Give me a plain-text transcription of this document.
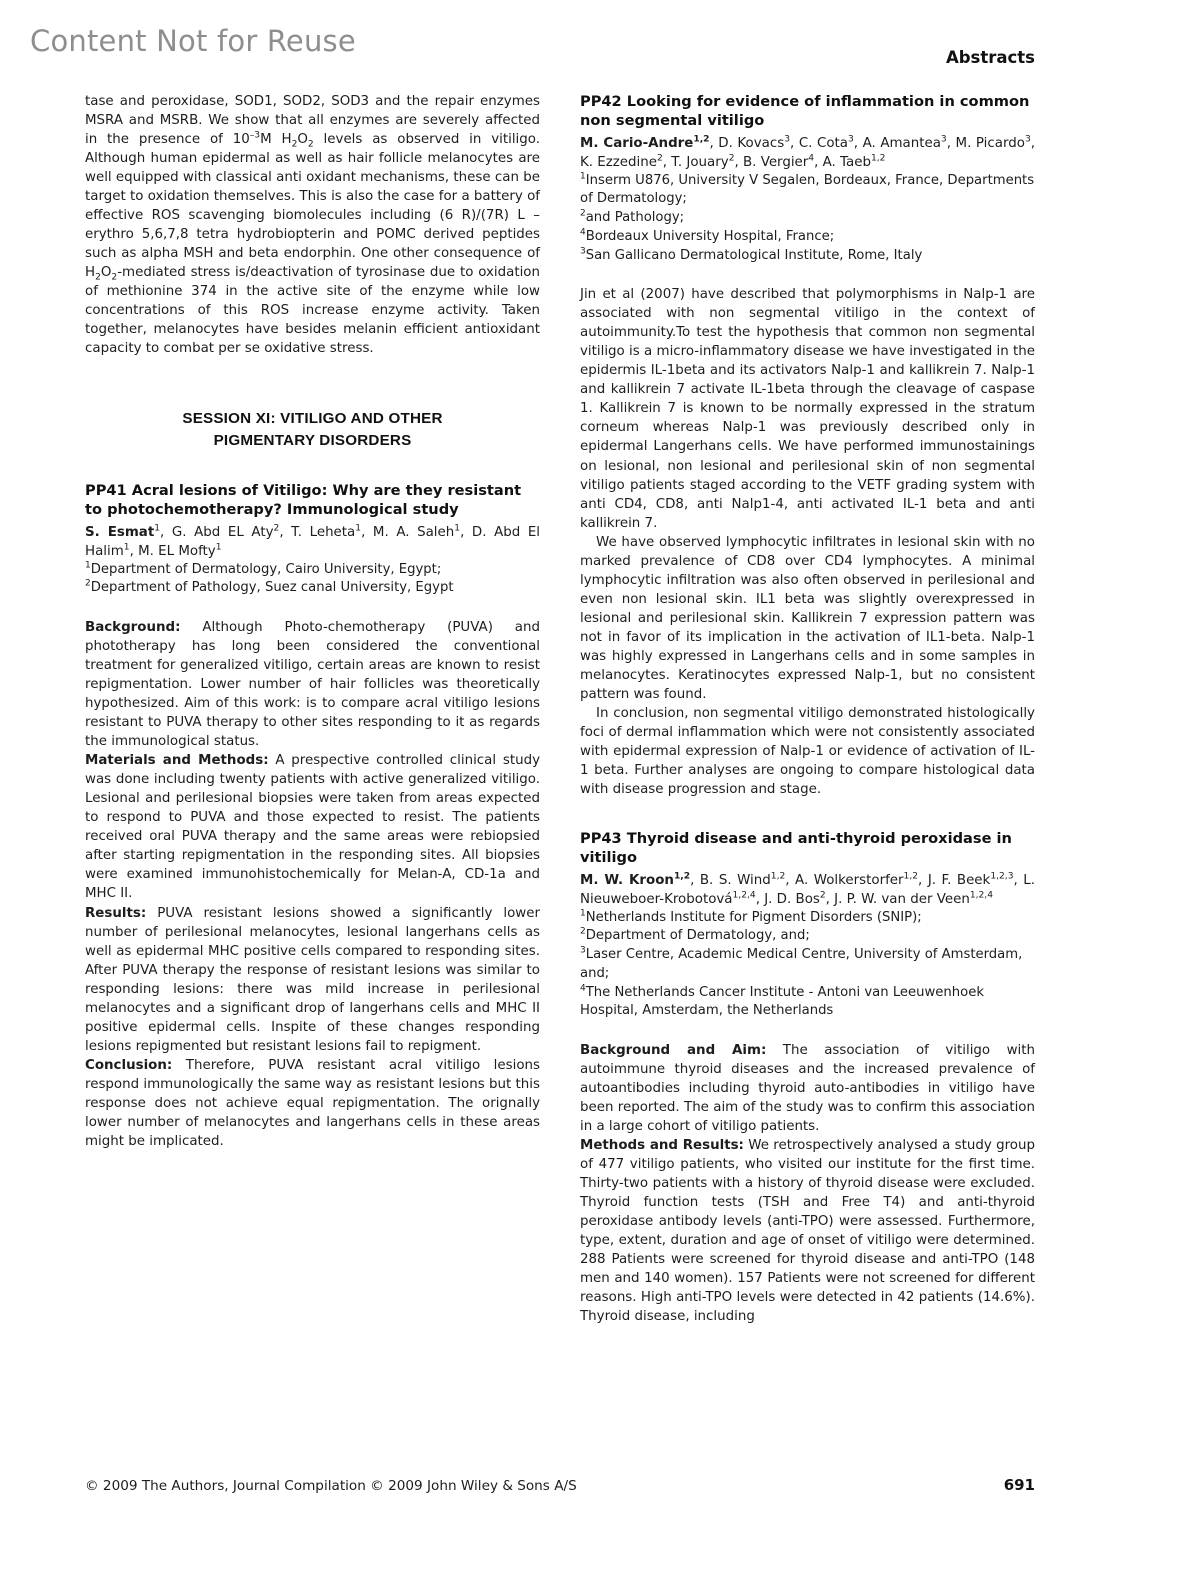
Content Not for Reuse	Abstracts

tase and peroxidase, SOD1, SOD2, SOD3 and the repair enzymes MSRA and MSRB. We show that all enzymes are severely affected in the presence of $10^{-3}M$ $H_2O_2$ levels as observed in vitiligo. Although human epidermal as well as hair follicle melanocytes are well equipped with classical anti oxidant mechanisms, these can be target to oxidation themselves. This is also the case for a battery of effective ROS scavenging biomolecules including (6 R)/(7R) L – erythro 5,6,7,8 tetra hydrobiopterin and POMC derived peptides such as alpha MSH and beta endorphin. One other consequence of $H_2O_2$-mediated stress is/deactivation of tyrosinase due to oxidation of methionine 374 in the active site of the enzyme while low concentrations of this ROS increase enzyme activity. Taken together, melanocytes have besides melanin efficient antioxidant capacity to combat per se oxidative stress.

SESSION XI: VITILIGO AND OTHER
PIGMENTARY DISORDERS
PP41 Acral lesions of Vitiligo: Why are they resistant to photochemotherapy? Immunological study
S. Esmat$^1$, G. Abd EL Aty$^2$, T. Leheta$^1$, M. A. Saleh$^1$, D. Abd El Halim$^1$, M. EL Mofty$^1$
$^1$Department of Dermatology, Cairo University, Egypt;
$^2$Department of Pathology, Suez canal University, Egypt

Background: Although Photo-chemotherapy (PUVA) and phototherapy has long been considered the conventional treatment for generalized vitiligo, certain areas are known to resist repigmentation. Lower number of hair follicles was theoretically hypothesized. Aim of this work: is to compare acral vitiligo lesions resistant to PUVA therapy to other sites responding to it as regards the immunological status.

Materials and Methods: A prespective controlled clinical study was done including twenty patients with active generalized vitiligo. Lesional and perilesional biopsies were taken from areas expected to respond to PUVA and those expected to resist. The patients received oral PUVA therapy and the same areas were rebiopsied after starting repigmentation in the responding sites. All biopsies were examined immunohistochemically for Melan-A, CD-1a and MHC II.

Results: PUVA resistant lesions showed a significantly lower number of perilesional melanocytes, lesional langerhans cells as well as epidermal MHC positive cells compared to responding sites. After PUVA therapy the response of resistant lesions was similar to responding lesions: there was mild increase in perilesional melanocytes and a significant drop of langerhans cells and MHC II positive epidermal cells. Inspite of these changes responding lesions repigmented but resistant lesions fail to repigment.

Conclusion: Therefore, PUVA resistant acral vitiligo lesions respond immunologically the same way as resistant lesions but this response does not achieve equal repigmentation. The orignally lower number of melanocytes and langerhans cells in these areas might be implicated.

PP42 Looking for evidence of inflammation in common non segmental vitiligo
M. Cario-Andre$^{1,2}$, D. Kovacs$^3$, C. Cota$^3$, A. Amantea$^3$, M. Picardo$^3$, K. Ezzedine$^2$, T. Jouary$^2$, B. Vergier$^4$, A. Taeb$^{1,2}$
$^1$Inserm U876, University V Segalen, Bordeaux, France, Departments of Dermatology;
$^2$and Pathology;
$^4$Bordeaux University Hospital, France;
$^3$San Gallicano Dermatological Institute, Rome, Italy

Jin et al (2007) have described that polymorphisms in Nalp-1 are associated with non segmental vitiligo in the context of autoimmunity.To test the hypothesis that common non segmental vitiligo is a micro-inflammatory disease we have investigated in the epidermis IL-1beta and its activators Nalp-1 and kallikrein 7. Nalp-1 and kallikrein 7 activate IL-1beta through the cleavage of caspase 1. Kallikrein 7 is known to be normally expressed in the stratum corneum whereas Nalp-1 was previously described only in epidermal Langerhans cells. We have performed immunostainings on lesional, non lesional and perilesional skin of non segmental vitiligo patients staged according to the VETF grading system with anti CD4, CD8, anti Nalp1-4, anti activated IL-1 beta and anti kallikrein 7.

We have observed lymphocytic infiltrates in lesional skin with no marked prevalence of CD8 over CD4 lymphocytes. A minimal lymphocytic infiltration was also often observed in perilesional and even non lesional skin. IL1 beta was slightly overexpressed in lesional and perilesional skin. Kallikrein 7 expression pattern was not in favor of its implication in the activation of IL1-beta. Nalp-1 was highly expressed in Langerhans cells and in some samples in melanocytes. Keratinocytes expressed Nalp-1, but no consistent pattern was found.

In conclusion, non segmental vitiligo demonstrated histologically foci of dermal inflammation which were not consistently associated with epidermal expression of Nalp-1 or evidence of activation of IL-1 beta. Further analyses are ongoing to compare histological data with disease progression and stage.

PP43 Thyroid disease and anti-thyroid peroxidase in vitiligo
M. W. Kroon$^{1,2}$, B. S. Wind$^{1,2}$, A. Wolkerstorfer$^{1,2}$, J. F. Beek$^{1,2,3}$, L. Nieuweboer-Krobotová$^{1,2,4}$, J. D. Bos$^2$, J. P. W. van der Veen$^{1,2,4}$
$^1$Netherlands Institute for Pigment Disorders (SNIP);
$^2$Department of Dermatology, and;
$^3$Laser Centre, Academic Medical Centre, University of Amsterdam, and;
$^4$The Netherlands Cancer Institute - Antoni van Leeuwenhoek Hospital, Amsterdam, the Netherlands

Background and Aim: The association of vitiligo with autoimmune thyroid diseases and the increased prevalence of autoantibodies including thyroid auto-antibodies in vitiligo have been reported. The aim of the study was to confirm this association in a large cohort of vitiligo patients.

Methods and Results: We retrospectively analysed a study group of 477 vitiligo patients, who visited our institute for the first time. Thirty-two patients with a history of thyroid disease were excluded. Thyroid function tests (TSH and Free T4) and anti-thyroid peroxidase antibody levels (anti-TPO) were assessed. Furthermore, type, extent, duration and age of onset of vitiligo were determined. 288 Patients were screened for thyroid disease and anti-TPO (148 men and 140 women). 157 Patients were not screened for different reasons. High anti-TPO levels were detected in 42 patients (14.6%). Thyroid disease, including

© 2009 The Authors, Journal Compilation © 2009 John Wiley & Sons A/S	691
